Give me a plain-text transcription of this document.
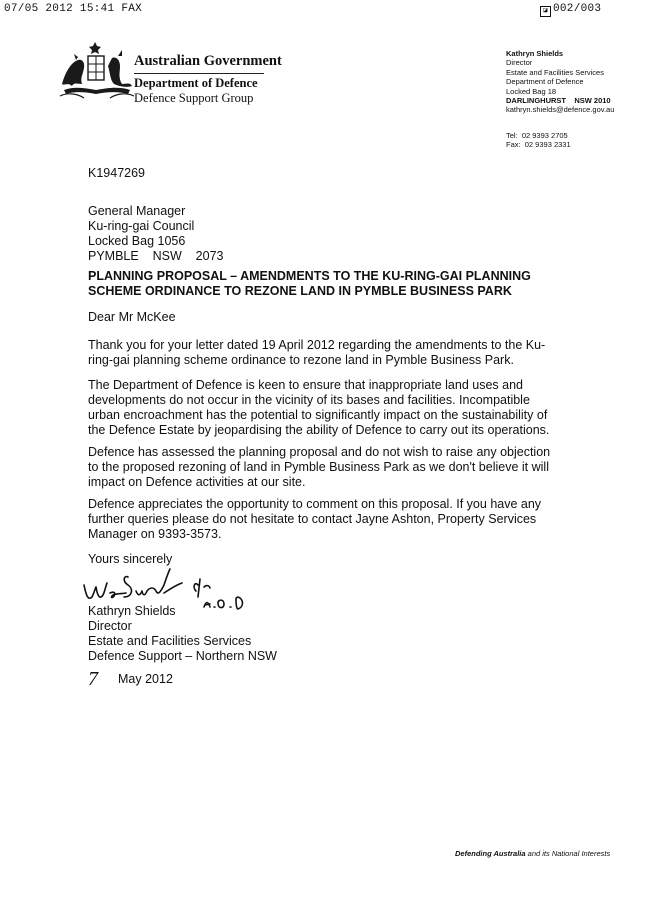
07/05 2012 15:41 FAX	◪ 002/003
Australian Government
Department of Defence
Defence Support Group
Kathryn Shields
Director
Estate and Facilities Services
Department of Defence
Locked Bag 18
DARLINGHURST    NSW 2010
kathryn.shields@defence.gov.au
Tel:  02 9393 2705
Fax:  02 9393 2331
K1947269
General Manager
Ku-ring-gai Council
Locked Bag 1056
PYMBLE    NSW    2073
PLANNING PROPOSAL – AMENDMENTS TO THE KU-RING-GAI PLANNING SCHEME ORDINANCE TO REZONE LAND IN PYMBLE BUSINESS PARK
Dear Mr McKee
Thank you for your letter dated 19 April 2012 regarding the amendments to the Ku-ring-gai planning scheme ordinance to rezone land in Pymble Business Park.
The Department of Defence is keen to ensure that inappropriate land uses and developments do not occur in the vicinity of its bases and facilities. Incompatible urban encroachment has the potential to significantly impact on the sustainability of the Defence Estate by jeopardising the ability of Defence to carry out its operations.
Defence has assessed the planning proposal and do not wish to raise any objection to the proposed rezoning of land in Pymble Business Park as we don't believe it will impact on Defence activities at our site.
Defence appreciates the opportunity to comment on this proposal. If you have any further queries please do not hesitate to contact Jayne Ashton, Property Services Manager on 9393-3573.
Yours sincerely
Kathryn Shields
Director
Estate and Facilities Services
Defence Support – Northern NSW
7 May 2012
Defending Australia and its National Interests
